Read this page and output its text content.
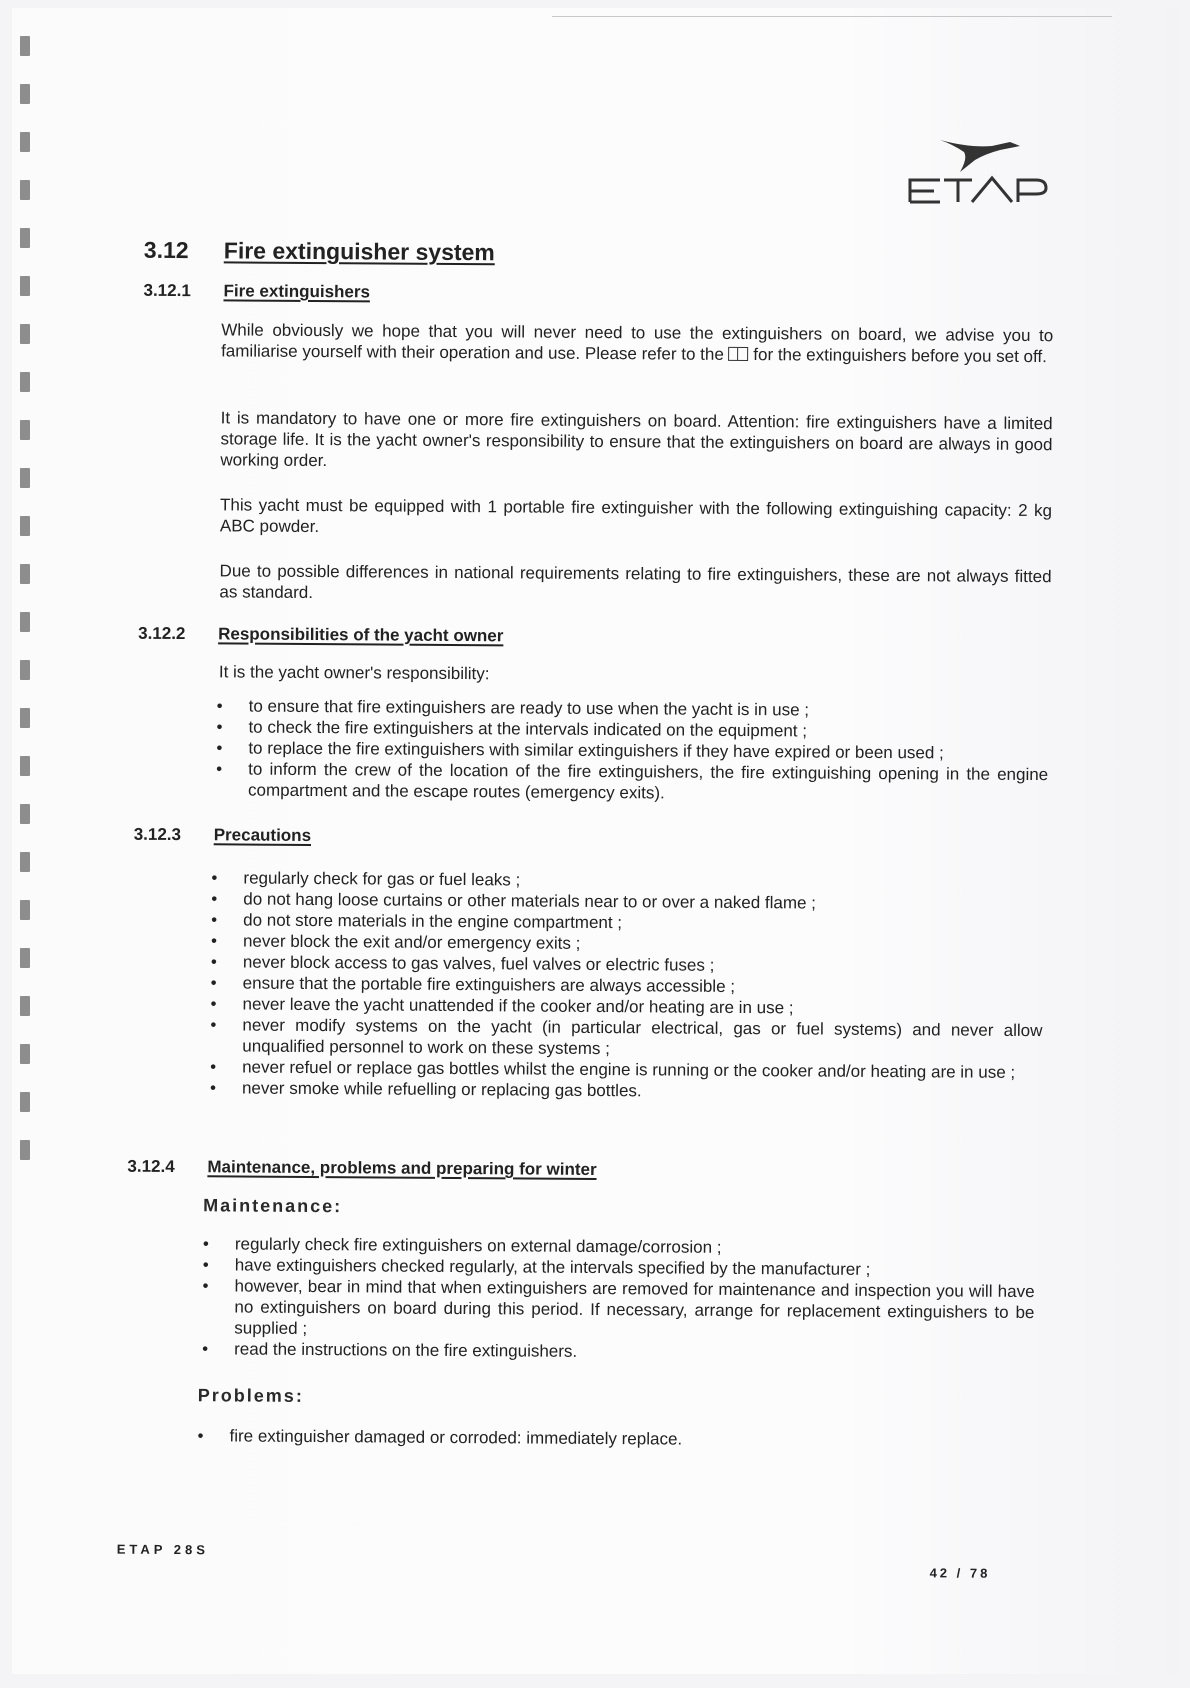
3.12 Fire extinguisher system
3.12.1 Fire extinguishers

While obviously we hope that you will never need to use the extinguishers on board, we advise you to familiarise yourself with their operation and use. Please refer to the for the extinguishers before you set off.

It is mandatory to have one or more fire extinguishers on board. Attention: fire extinguishers have a limited storage life. It is the yacht owner's responsibility to ensure that the extinguishers on board are always in good working order.

This yacht must be equipped with 1 portable fire extinguisher with the following extinguishing capacity: 2 kg ABC powder.

Due to possible differences in national requirements relating to fire extinguishers, these are not always fitted as standard.

3.12.2 Responsibilities of the yacht owner

It is the yacht owner's responsibility:

• to ensure that fire extinguishers are ready to use when the yacht is in use ;
• to check the fire extinguishers at the intervals indicated on the equipment ;
• to replace the fire extinguishers with similar extinguishers if they have expired or been used ;
• to inform the crew of the location of the fire extinguishers, the fire extinguishing opening in the engine compartment and the escape routes (emergency exits).
3.12.3 Precautions
• regularly check for gas or fuel leaks ;
• do not hang loose curtains or other materials near to or over a naked flame ;
• do not store materials in the engine compartment ;
• never block the exit and/or emergency exits ;
• never block access to gas valves, fuel valves or electric fuses ;
• ensure that the portable fire extinguishers are always accessible ;
• never leave the yacht unattended if the cooker and/or heating are in use ;
• never modify systems on the yacht (in particular electrical, gas or fuel systems) and never allow unqualified personnel to work on these systems ;
• never refuel or replace gas bottles whilst the engine is running or the cooker and/or heating are in use ;
• never smoke while refuelling or replacing gas bottles.
3.12.4 Maintenance, problems and preparing for winter
Maintenance:
• regularly check fire extinguishers on external damage/corrosion ;
• have extinguishers checked regularly, at the intervals specified by the manufacturer ;
• however, bear in mind that when extinguishers are removed for maintenance and inspection you will have no extinguishers on board during this period. If necessary, arrange for replacement extinguishers to be supplied ;
• read the instructions on the fire extinguishers.
Problems:
• fire extinguisher damaged or corroded: immediately replace.
ETAP 28S
42 / 78
